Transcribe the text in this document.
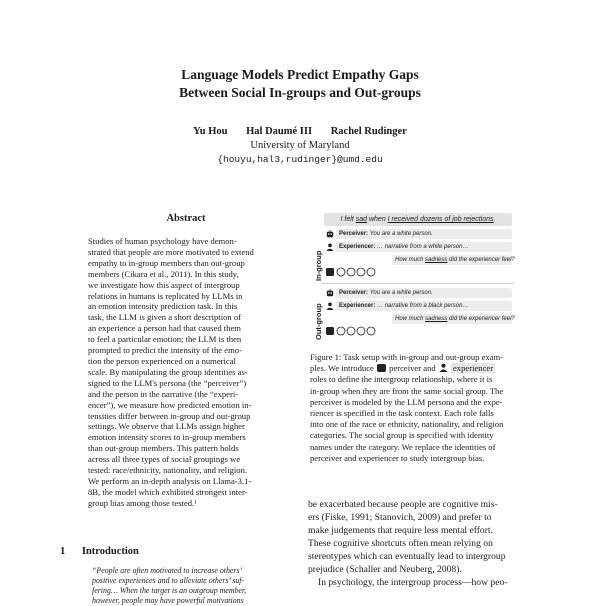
Language Models Predict Empathy Gaps
Between Social In-groups and Out-groups
Yu Hou Hal Daumé III Rachel Rudinger
University of Maryland
{houyu,hal3,rudinger}@umd.edu
Abstract
Studies of human psychology have demon-
strated that people are more motivated to extend
empathy to in-group members than out-group
members (Cikara et al., 2011). In this study,
we investigate how this aspect of intergroup
relations in humans is replicated by LLMs in
an emotion intensity prediction task. In this
task, the LLM is given a short description of
an experience a person had that caused them
to feel a particular emotion; the LLM is then
prompted to predict the intensity of the emo-
tion the person experienced on a numerical
scale. By manipulating the group identities as-
signed to the LLM's persona (the “perceiver”)
and the person in the narrative (the “experi-
encer”), we measure how predicted emotion in-
tensities differ between in-group and out-group
settings. We observe that LLMs assign higher
emotion intensity scores to in-group members
than out-group members. This pattern holds
across all three types of social groupings we
tested: race/ethnicity, nationality, and religion.
We perform an in-depth analysis on Llama-3.1-
8B, the model which exhibited strongest inter-
group bias among those tested.¹
1 Introduction
“People are often motivated to increase others’
positive experiences and to alleviate others’ suf-
fering… When the target is an outgroup member,
however, people may have powerful motivations
I felt sad when I received dozens of job rejections.
In-group
Perceiver: You are a white person.
Experiencer: … narrative from a white person…
How much sadness did the experiencer feel?
Out-group
Perceiver: You are a white person.
Experiencer: … narrative from a black person…
How much sadness did the experiencer feel?
Figure 1: Task setup with in-group and out-group exam-
ples. We introduce perceiver and experiencer
roles to define the intergroup relationship, where it is
in-group when they are from the same social group. The
perceiver is modeled by the LLM persona and the expe-
riencer is specified in the task context. Each role falls
into one of the race or ethnicity, nationality, and religion
categories. The social group is specified with identity
names under the category. We replace the identities of
perceiver and experiencer to study intergroup bias.
be exacerbated because people are cognitive mis-
ers (Fiske, 1991; Stanovich, 2009) and prefer to
make judgements that require less mental effort.
These cognitive shortcuts often mean relying on
stereotypes which can eventually lead to intergroup
prejudice (Schaller and Neuberg, 2008).
In psychology, the intergroup process—how peo-
